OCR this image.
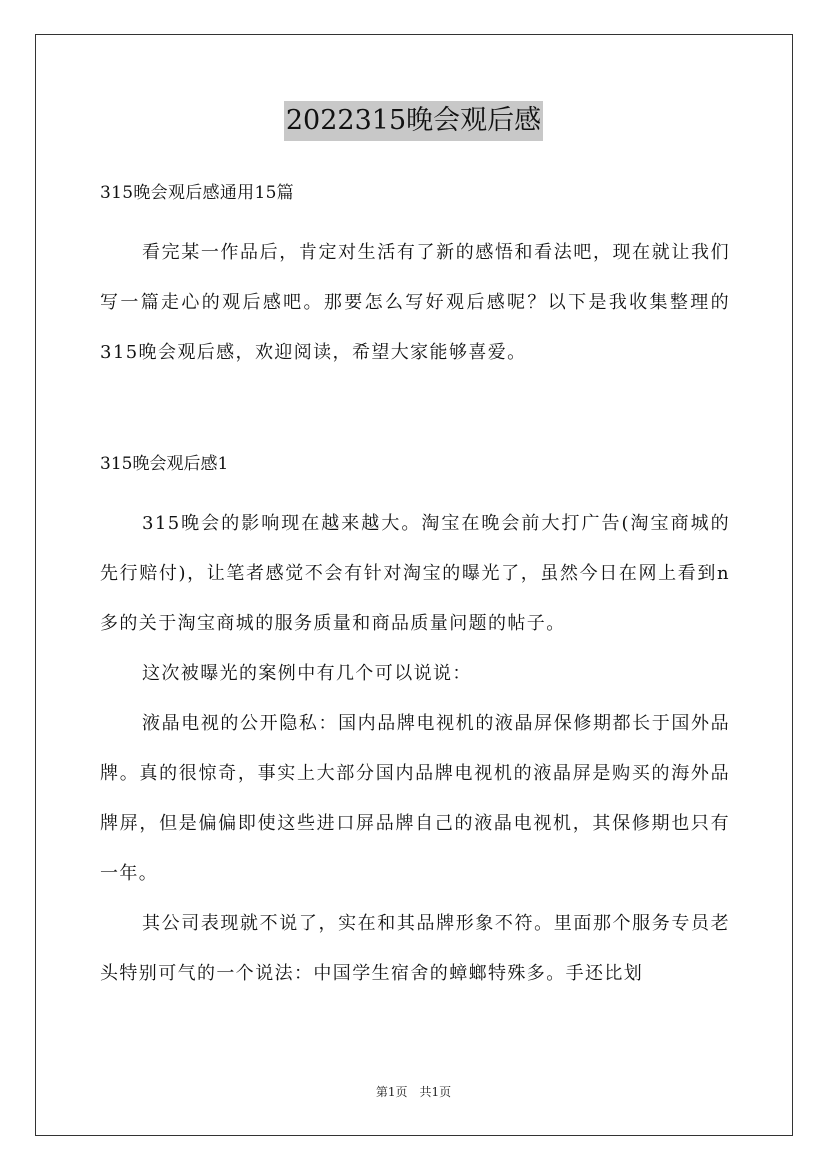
2022315晚会观后感

315晚会观后感通用15篇

看完某一作品后，肯定对生活有了新的感悟和看法吧，现在就让我们写一篇走心的观后感吧。那要怎么写好观后感呢？以下是我收集整理的315晚会观后感，欢迎阅读，希望大家能够喜爱。

315晚会观后感1

315晚会的影响现在越来越大。淘宝在晚会前大打广告(淘宝商城的先行赔付)，让笔者感觉不会有针对淘宝的曝光了，虽然今日在网上看到n多的关于淘宝商城的服务质量和商品质量问题的帖子。

这次被曝光的案例中有几个可以说说：

液晶电视的公开隐私：国内品牌电视机的液晶屏保修期都长于国外品牌。真的很惊奇，事实上大部分国内品牌电视机的液晶屏是购买的海外品牌屏，但是偏偏即使这些进口屏品牌自己的液晶电视机，其保修期也只有一年。

其公司表现就不说了，实在和其品牌形象不符。里面那个服务专员老头特别可气的一个说法：中国学生宿舍的蟑螂特殊多。手还比划

第1页　共1页
